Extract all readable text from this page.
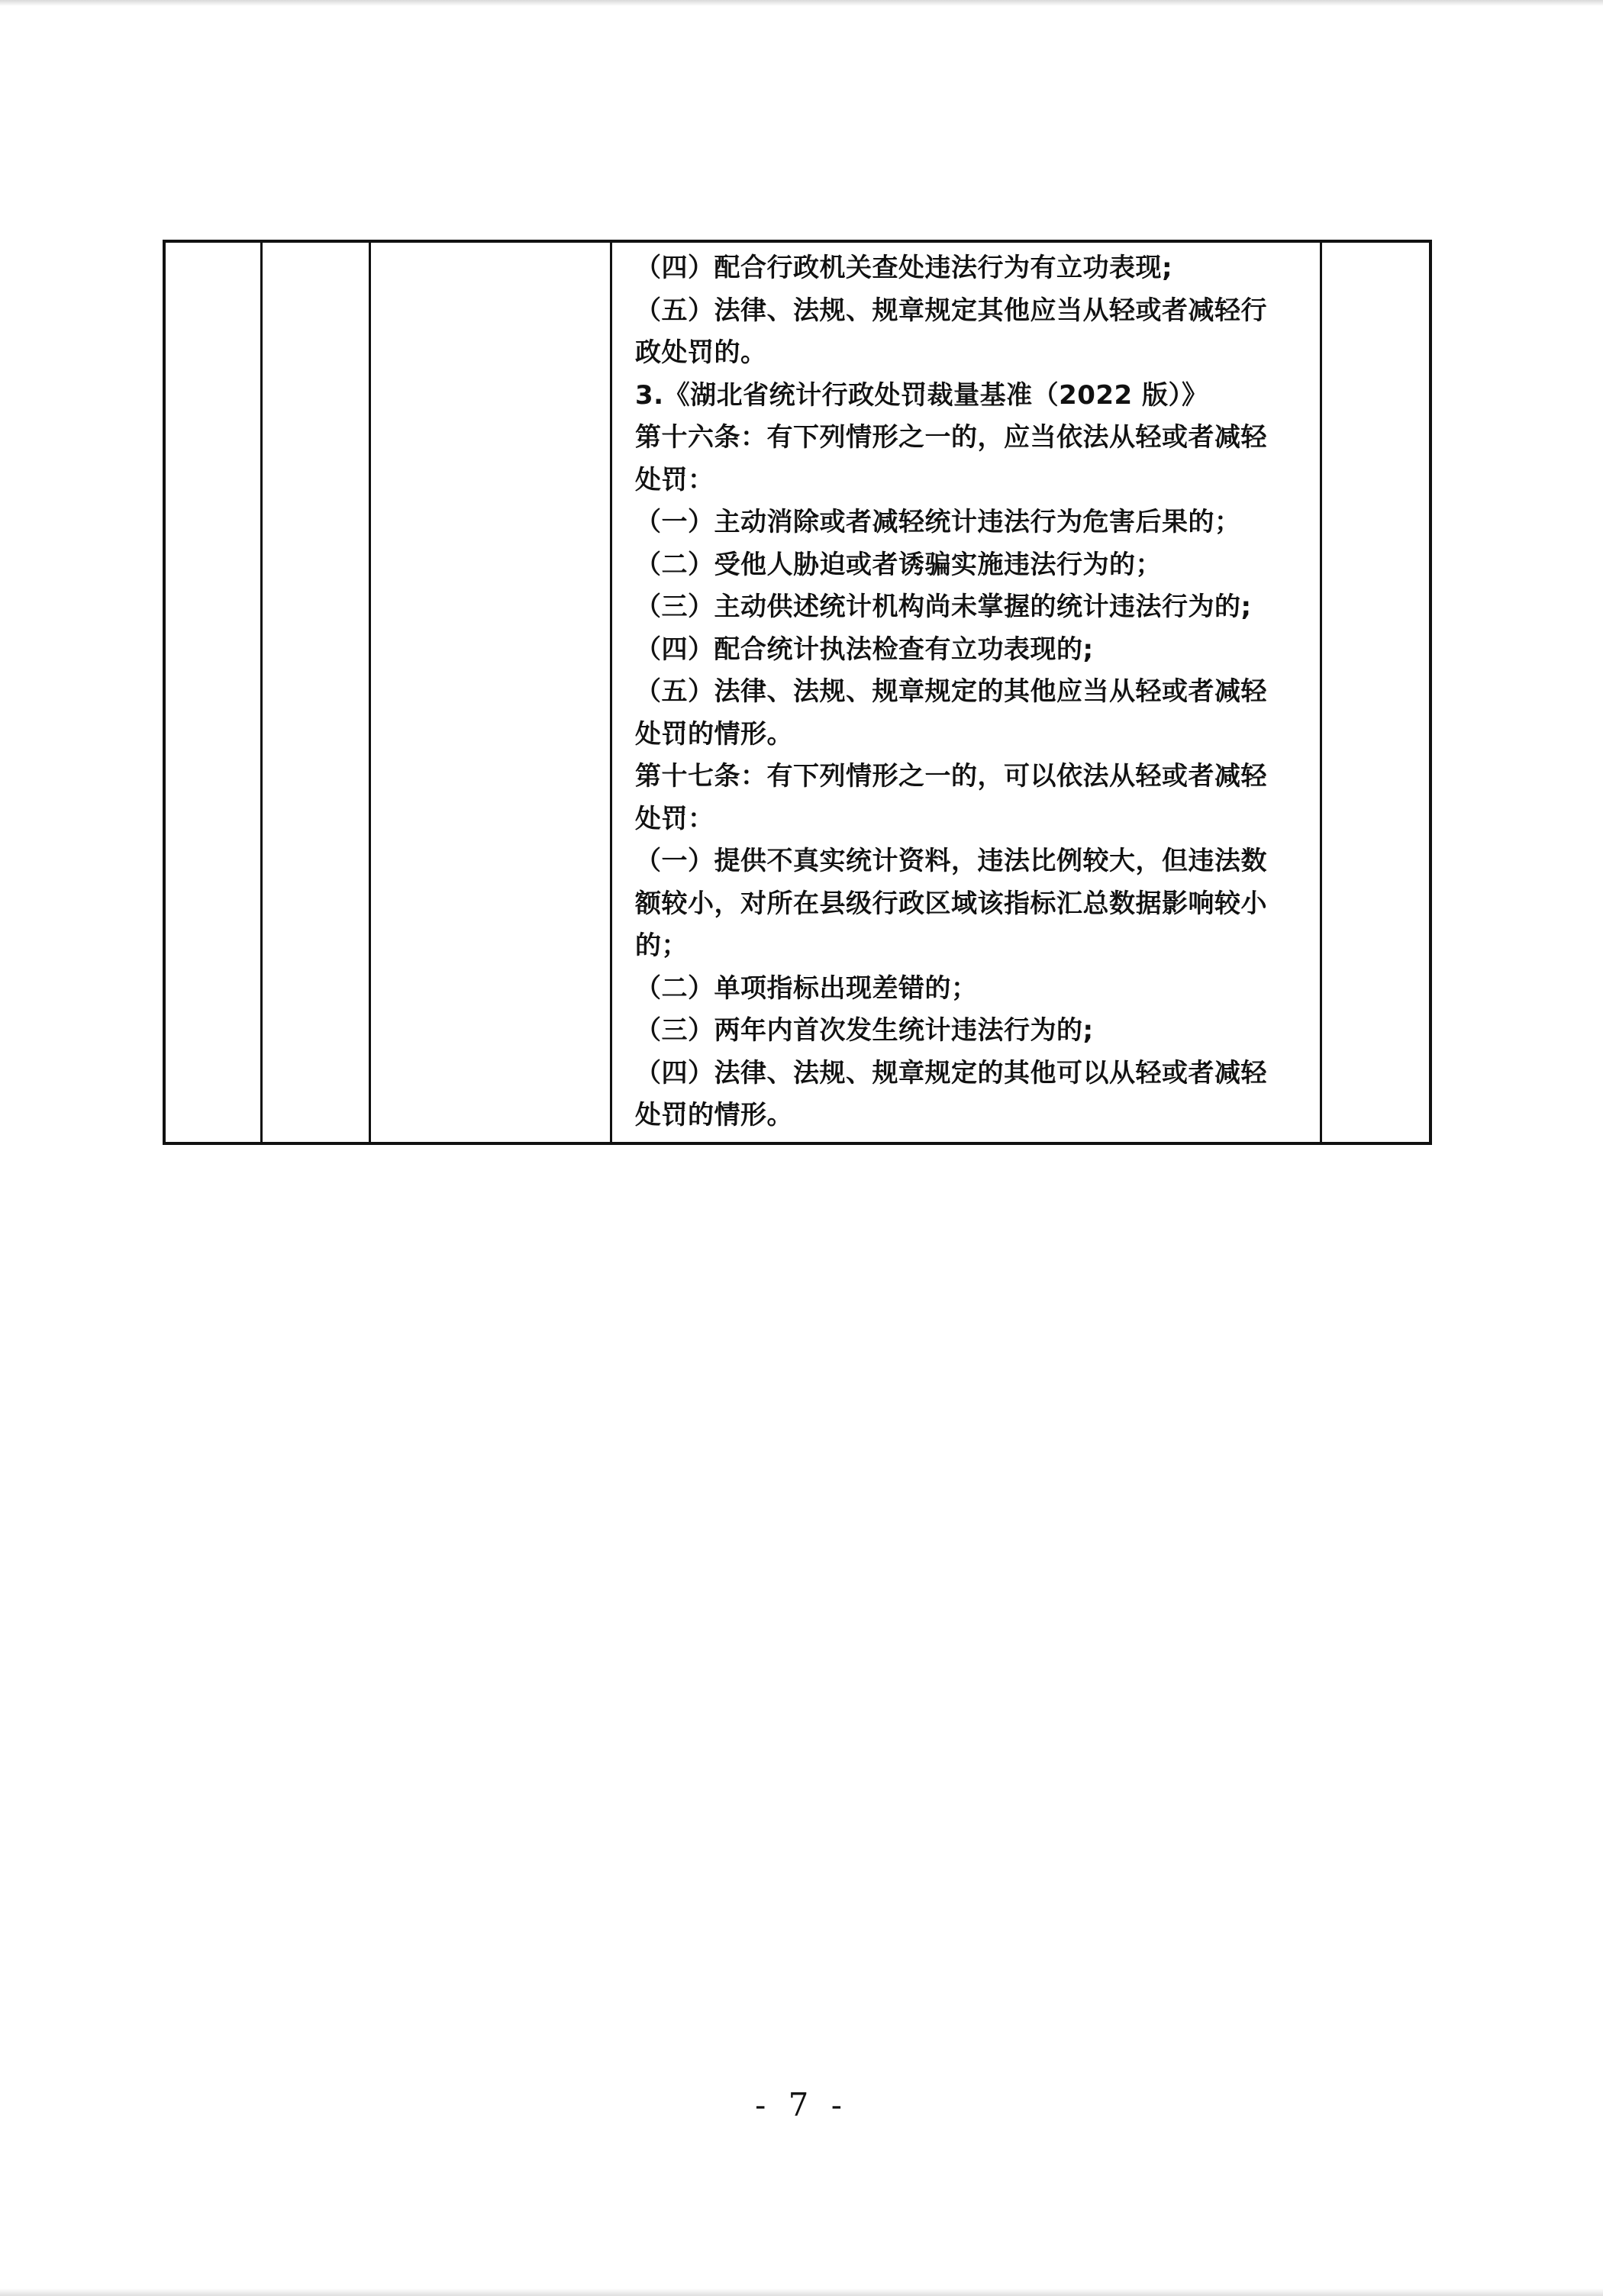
（四）配合行政机关查处违法行为有立功表现;
（五）法律、法规、规章规定其他应当从轻或者减轻行
政处罚的。
3.《湖北省统计行政处罚裁量基准（2022 版）》
第十六条：有下列情形之一的，应当依法从轻或者减轻
处罚：
（一）主动消除或者减轻统计违法行为危害后果的；
（二）受他人胁迫或者诱骗实施违法行为的；
（三）主动供述统计机构尚未掌握的统计违法行为的;
（四）配合统计执法检查有立功表现的;
（五）法律、法规、规章规定的其他应当从轻或者减轻
处罚的情形。
第十七条：有下列情形之一的，可以依法从轻或者减轻
处罚：
（一）提供不真实统计资料，违法比例较大，但违法数
额较小，对所在县级行政区域该指标汇总数据影响较小
的；
（二）单项指标出现差错的；
（三）两年内首次发生统计违法行为的;
（四）法律、法规、规章规定的其他可以从轻或者减轻
处罚的情形。
- 7 -
